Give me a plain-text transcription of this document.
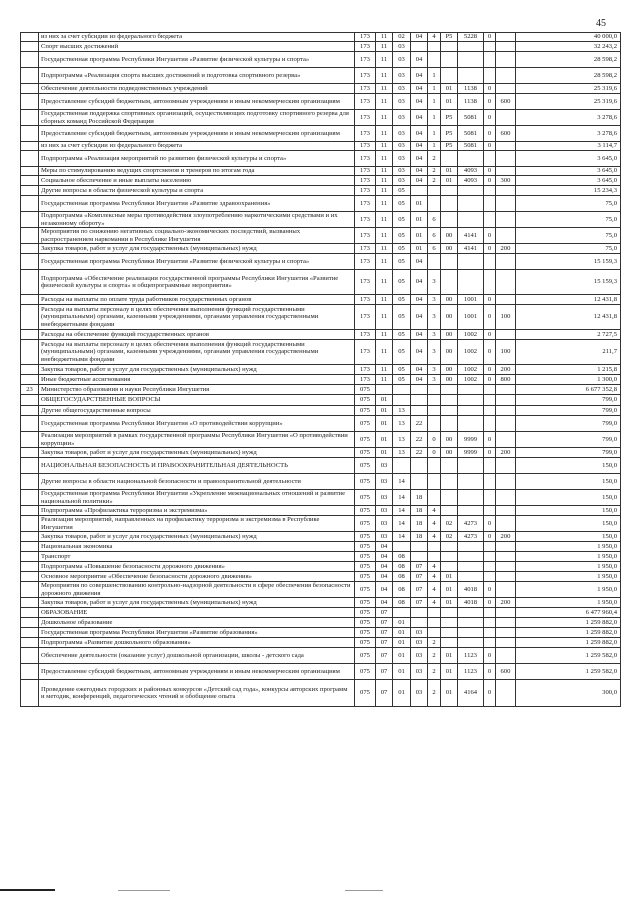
45
	из них за счет субсидии из федерального бюджета	173	11	02	04	4	P5	5228	0		40 000,0
	Спорт высших достижений	173	11	03							32 243,2
	Государственная программа Республики Ингушетия «Развитие физической культуры и спорта»	173	11	03	04						28 598,2
	Подпрограмма «Реализация спорта высших достижений и подготовка спортивного резерва»	173	11	03	04	1					28 598,2
	Обеспечение деятельности подведомственных учреждений	173	11	03	04	1	01	1138	0		25 319,6
	Предоставление субсидий бюджетным, автономным учреждениям и иным некоммерческим организациям	173	11	03	04	1	01	1138	0	600	25 319,6
	Государственная поддержка спортивных организаций, осуществляющих подготовку спортивного резерва для сборных команд Российской Федерации	173	11	03	04	1	P5	5081	0		3 278,6
	Предоставление субсидий бюджетным, автономным учреждениям и иным некоммерческим организациям	173	11	03	04	1	P5	5081	0	600	3 278,6
	из них за счет субсидии из федерального бюджета	173	11	03	04	1	P5	5081	0		3 114,7
	Подпрограмма «Реализация мероприятий по развитию физической культуры и спорта»	173	11	03	04	2					3 645,0
	Меры по стимулированию ведущих спортсменов и тренеров по итогам года	173	11	03	04	2	01	4093	0		3 645,0
	Социальное обеспечение и иные выплаты населению	173	11	03	04	2	01	4093	0	300	3 645,0
	Другие вопросы в области физической культуры и спорта	173	11	05							15 234,3
	Государственная программа Республики Ингушетия «Развитие здравоохранения»	173	11	05	01						75,0
	Подпрограмма «Комплексные меры противодействия злоупотреблению наркотическими средствами и их незаконному обороту»	173	11	05	01	6					75,0
	Мероприятия по снижению негативных социально-экономических последствий, вызванных распространением наркомании в Республике Ингушетия	173	11	05	01	6	00	4141	0		75,0
	Закупка товаров, работ и услуг для государственных (муниципальных) нужд	173	11	05	01	6	00	4141	0	200	75,0
	Государственная программа Республики Ингушетия «Развитие физической культуры и спорта»	173	11	05	04						15 159,3
	Подпрограмма «Обеспечение реализации государственной программы Республики Ингушетия «Развитие физической культуры и спорта» и общепрограммные мероприятия»	173	11	05	04	3					15 159,3
	Расходы на выплаты по оплате труда работников государственных органов	173	11	05	04	3	00	1001	0		12 431,8
	Расходы на выплаты персоналу в целях обеспечения выполнения функций государственными (муниципальными) органами, казенными учреждениями, органами управления государственными внебюджетными фондами	173	11	05	04	3	00	1001	0	100	12 431,8
	Расходы на обеспечение функций государственных органов	173	11	05	04	3	00	1002	0		2 727,5
	Расходы на выплаты персоналу в целях обеспечения выполнения функций государственными (муниципальными) органами, казенными учреждениями, органами управления государственными внебюджетными фондами	173	11	05	04	3	00	1002	0	100	211,7
	Закупка товаров, работ и услуг для государственных (муниципальных) нужд	173	11	05	04	3	00	1002	0	200	1 215,8
	Иные бюджетные ассигнования	173	11	05	04	3	00	1002	0	800	1 300,0
23	Министерство образования и науки Республики Ингушетия	075									6 677 352,8
	ОБЩЕГОСУДАРСТВЕННЫЕ ВОПРОСЫ	075	01								799,0
	Другие общегосударственные вопросы	075	01	13							799,0
	Государственная программа Республики Ингушетия «О противодействии коррупции»	075	01	13	22						799,0
	Реализация мероприятий в рамках государственной программы Республики Ингушетия «О противодействии коррупции»	075	01	13	22	0	00	9999	0		799,0
	Закупка товаров, работ и услуг для государственных (муниципальных) нужд	075	01	13	22	0	00	9999	0	200	799,0
	НАЦИОНАЛЬНАЯ БЕЗОПАСНОСТЬ И ПРАВООХРАНИТЕЛЬНАЯ ДЕЯТЕЛЬНОСТЬ	075	03								150,0
	Другие вопросы в области национальной безопасности и правоохранительной деятельности	075	03	14							150,0
	Государственная программа Республики Ингушетия «Укрепление межнациональных отношений и развитие национальной политики»	075	03	14	18						150,0
	Подпрограмма «Профилактика терроризма и экстремизма»	075	03	14	18	4					150,0
	Реализация мероприятий, направленных на профилактику терроризма и экстремизма в Республике Ингушетия	075	03	14	18	4	02	4273	0		150,0
	Закупка товаров, работ и услуг для государственных (муниципальных) нужд	075	03	14	18	4	02	4273	0	200	150,0
	Национальная экономика	075	04								1 950,0
	Транспорт	075	04	08							1 950,0
	Подпрограмма «Повышение безопасности дорожного движения»	075	04	08	07	4					1 950,0
	Основное мероприятие «Обеспечение безопасности дорожного движения»	075	04	08	07	4	01				1 950,0
	Мероприятия по совершенствованию контрольно-надзорной деятельности в сфере обеспечения безопасности дорожного движения	075	04	08	07	4	01	4018	0		1 950,0
	Закупка товаров, работ и услуг для государственных (муниципальных) нужд	075	04	08	07	4	01	4018	0	200	1 950,0
	ОБРАЗОВАНИЕ	075	07								6 477 960,4
	Дошкольное образование	075	07	01							1 259 882,0
	Государственная программа Республики Ингушетия «Развитие образования»	075	07	01	03						1 259 882,0
	Подпрограмма «Развитие дошкольного образования»	075	07	01	03	2					1 259 882,0
	Обеспечение деятельности (оказание услуг) дошкольной организации, школы - детского сада	075	07	01	03	2	01	1123	0		1 259 582,0
	Предоставление субсидий бюджетным, автономным учреждениям и иным некоммерческим организациям	075	07	01	03	2	01	1123	0	600	1 259 582,0
	Проведение ежегодных городских и районных конкурсов «Детский сад года», конкурсы авторских программ и методик, конференций, педагогических чтений и обобщение опыта	075	07	01	03	2	01	4164	0		300,0
